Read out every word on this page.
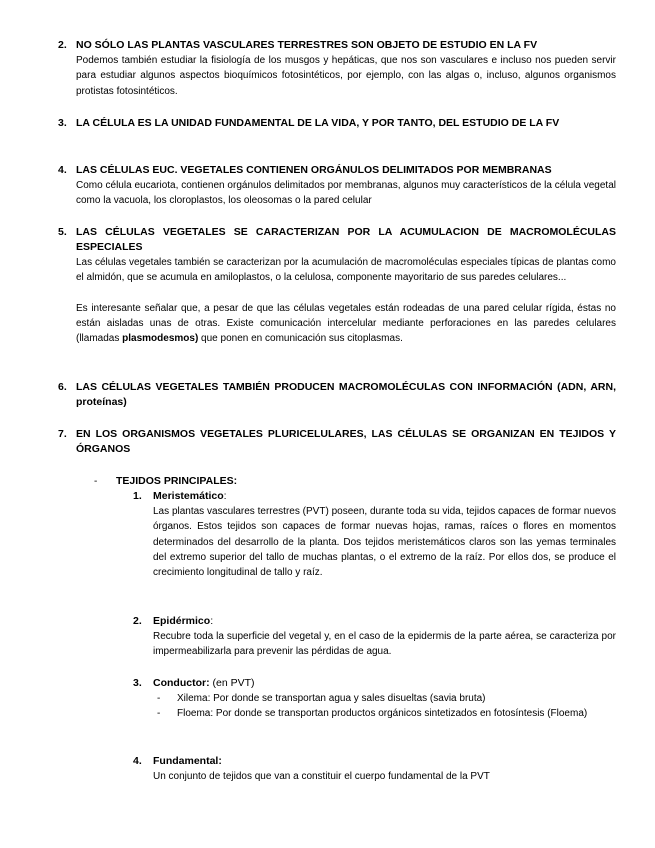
2. NO SÓLO LAS PLANTAS VASCULARES TERRESTRES SON OBJETO DE ESTUDIO EN LA FV
Podemos también estudiar la fisiología de los musgos y hepáticas, que nos son vasculares e incluso nos pueden servir para estudiar algunos aspectos bioquímicos fotosintéticos, por ejemplo, con las algas o, incluso, algunos organismos protistas fotosintéticos.
3. LA CÉLULA ES LA UNIDAD FUNDAMENTAL DE LA VIDA, Y POR TANTO, DEL ESTUDIO DE LA FV
4. LAS CÉLULAS EUC. VEGETALES CONTIENEN ORGÁNULOS DELIMITADOS POR MEMBRANAS
Como célula eucariota, contienen orgánulos delimitados por membranas, algunos muy característicos de la célula vegetal como la vacuola, los cloroplastos, los oleosomas o la pared celular
5. LAS CÉLULAS VEGETALES SE CARACTERIZAN POR LA ACUMULACION DE MACROMOLÉCULAS ESPECIALES
Las células vegetales también se caracterizan por la acumulación de macromoléculas especiales típicas de plantas como el almidón, que se acumula en amiloplastos, o la celulosa, componente mayoritario de sus paredes celulares...
Es interesante señalar que, a pesar de que las células vegetales están rodeadas de una pared celular rígida, éstas no están aisladas unas de otras. Existe comunicación intercelular mediante perforaciones en las paredes celulares (llamadas plasmodesmos) que ponen en comunicación sus citoplasmas.
6. LAS CÉLULAS VEGETALES TAMBIÉN PRODUCEN MACROMOLÉCULAS CON INFORMACIÓN (ADN, ARN, proteínas)
7. EN LOS ORGANISMOS VEGETALES PLURICELULARES, LAS CÉLULAS SE ORGANIZAN EN TEJIDOS Y ÓRGANOS
- TEJIDOS PRINCIPALES:
1. Meristemático:
Las plantas vasculares terrestres (PVT) poseen, durante toda su vida, tejidos capaces de formar nuevos órganos. Estos tejidos son capaces de formar nuevas hojas, ramas, raíces o flores en momentos determinados del desarrollo de la planta. Dos tejidos meristemáticos claros son las yemas terminales del extremo superior del tallo de muchas plantas, o el extremo de la raíz. Por ellos dos, se produce el crecimiento longitudinal de tallo y raíz.
2. Epidérmico:
Recubre toda la superficie del vegetal y, en el caso de la epidermis de la parte aérea, se caracteriza por impermeabilizarla para prevenir las pérdidas de agua.
3. Conductor: (en PVT)
- Xilema: Por donde se transportan agua y sales disueltas (savia bruta)
- Floema: Por donde se transportan productos orgánicos sintetizados en fotosíntesis (Floema)
4. Fundamental:
Un conjunto de tejidos que van a constituir el cuerpo fundamental de la PVT
